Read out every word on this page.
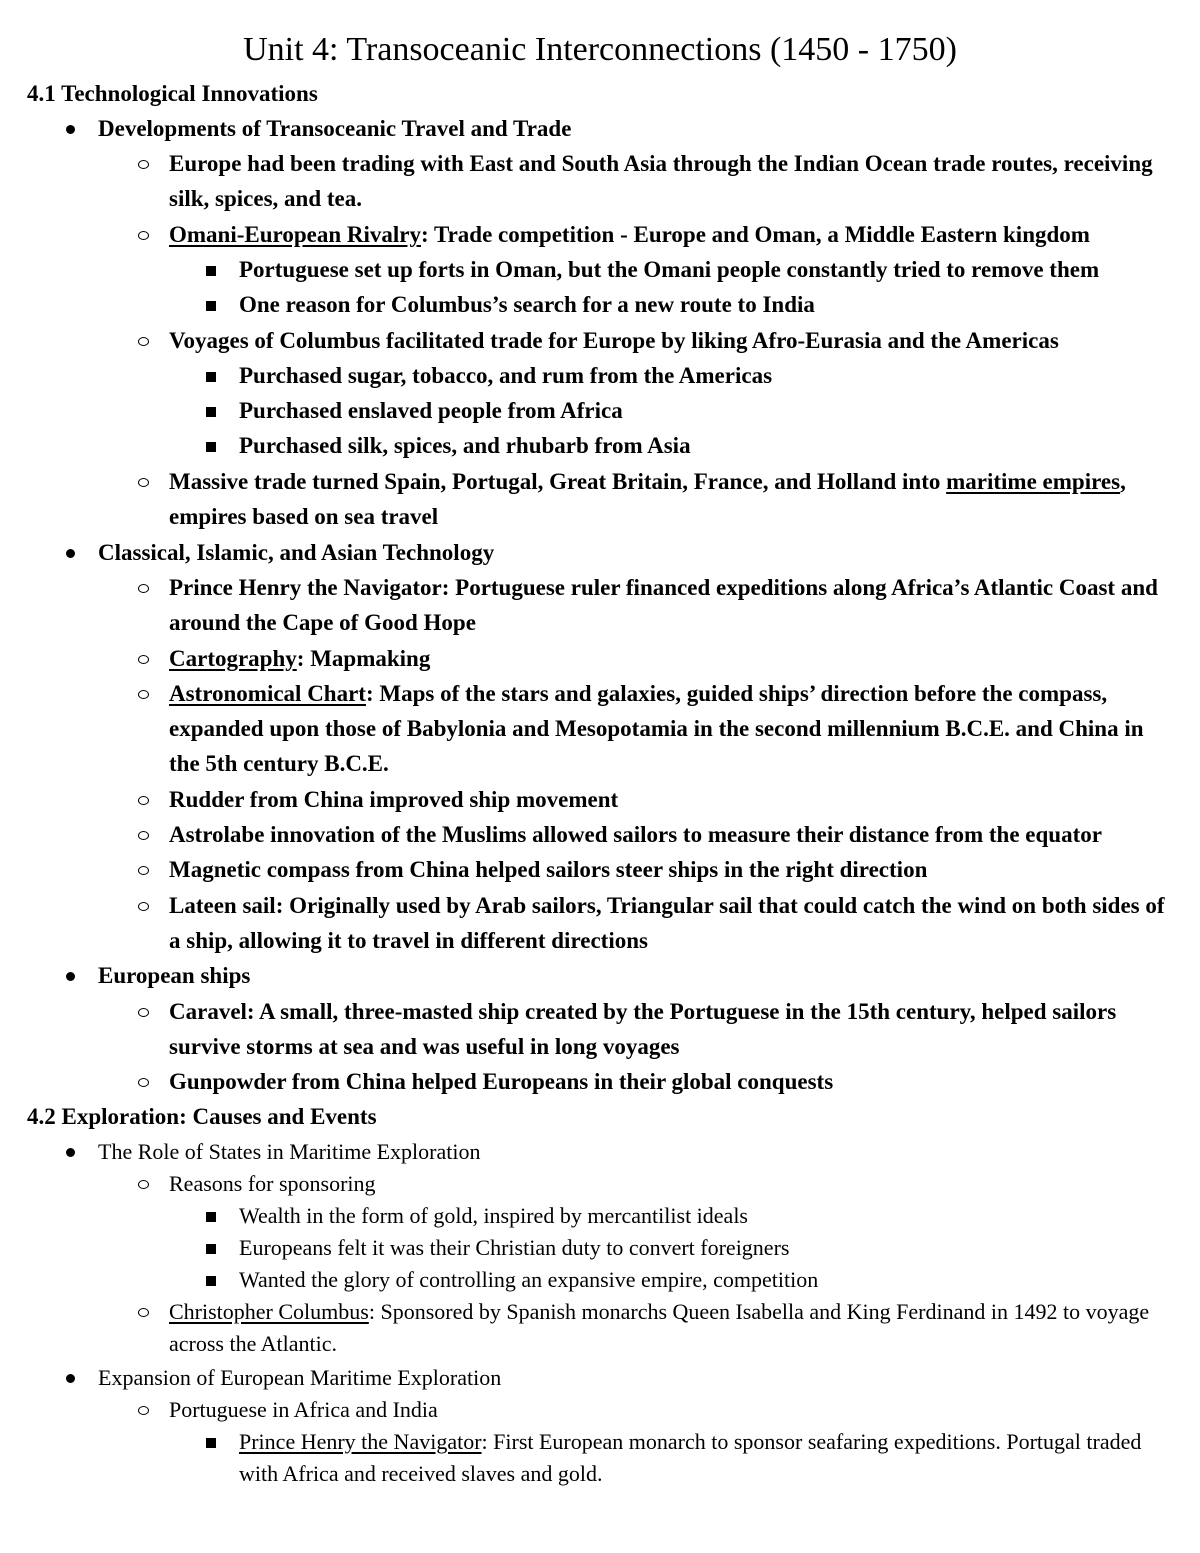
Unit 4: Transoceanic Interconnections (1450 - 1750)

4.1 Technological Innovations

Developments of Transoceanic Travel and Trade

Europe had been trading with East and South Asia through the Indian Ocean trade routes, receiving silk, spices, and tea.

Omani-European Rivalry: Trade competition - Europe and Oman, a Middle Eastern kingdom

Portuguese set up forts in Oman, but the Omani people constantly tried to remove them

One reason for Columbus’s search for a new route to India

Voyages of Columbus facilitated trade for Europe by liking Afro-Eurasia and the Americas

Purchased sugar, tobacco, and rum from the Americas

Purchased enslaved people from Africa

Purchased silk, spices, and rhubarb from Asia

Massive trade turned Spain, Portugal, Great Britain, France, and Holland into maritime empires, empires based on sea travel

Classical, Islamic, and Asian Technology

Prince Henry the Navigator: Portuguese ruler financed expeditions along Africa’s Atlantic Coast and around the Cape of Good Hope

Cartography: Mapmaking

Astronomical Chart: Maps of the stars and galaxies, guided ships’ direction before the compass, expanded upon those of Babylonia and Mesopotamia in the second millennium B.C.E. and China in the 5th century B.C.E.

Rudder from China improved ship movement

Astrolabe innovation of the Muslims allowed sailors to measure their distance from the equator

Magnetic compass from China helped sailors steer ships in the right direction

Lateen sail: Originally used by Arab sailors, Triangular sail that could catch the wind on both sides of a ship, allowing it to travel in different directions

European ships

Caravel: A small, three-masted ship created by the Portuguese in the 15th century, helped sailors survive storms at sea and was useful in long voyages

Gunpowder from China helped Europeans in their global conquests

4.2 Exploration: Causes and Events

The Role of States in Maritime Exploration

Reasons for sponsoring

Wealth in the form of gold, inspired by mercantilist ideals

Europeans felt it was their Christian duty to convert foreigners

Wanted the glory of controlling an expansive empire, competition

Christopher Columbus: Sponsored by Spanish monarchs Queen Isabella and King Ferdinand in 1492 to voyage across the Atlantic.

Expansion of European Maritime Exploration

Portuguese in Africa and India

Prince Henry the Navigator: First European monarch to sponsor seafaring expeditions. Portugal traded with Africa and received slaves and gold.
